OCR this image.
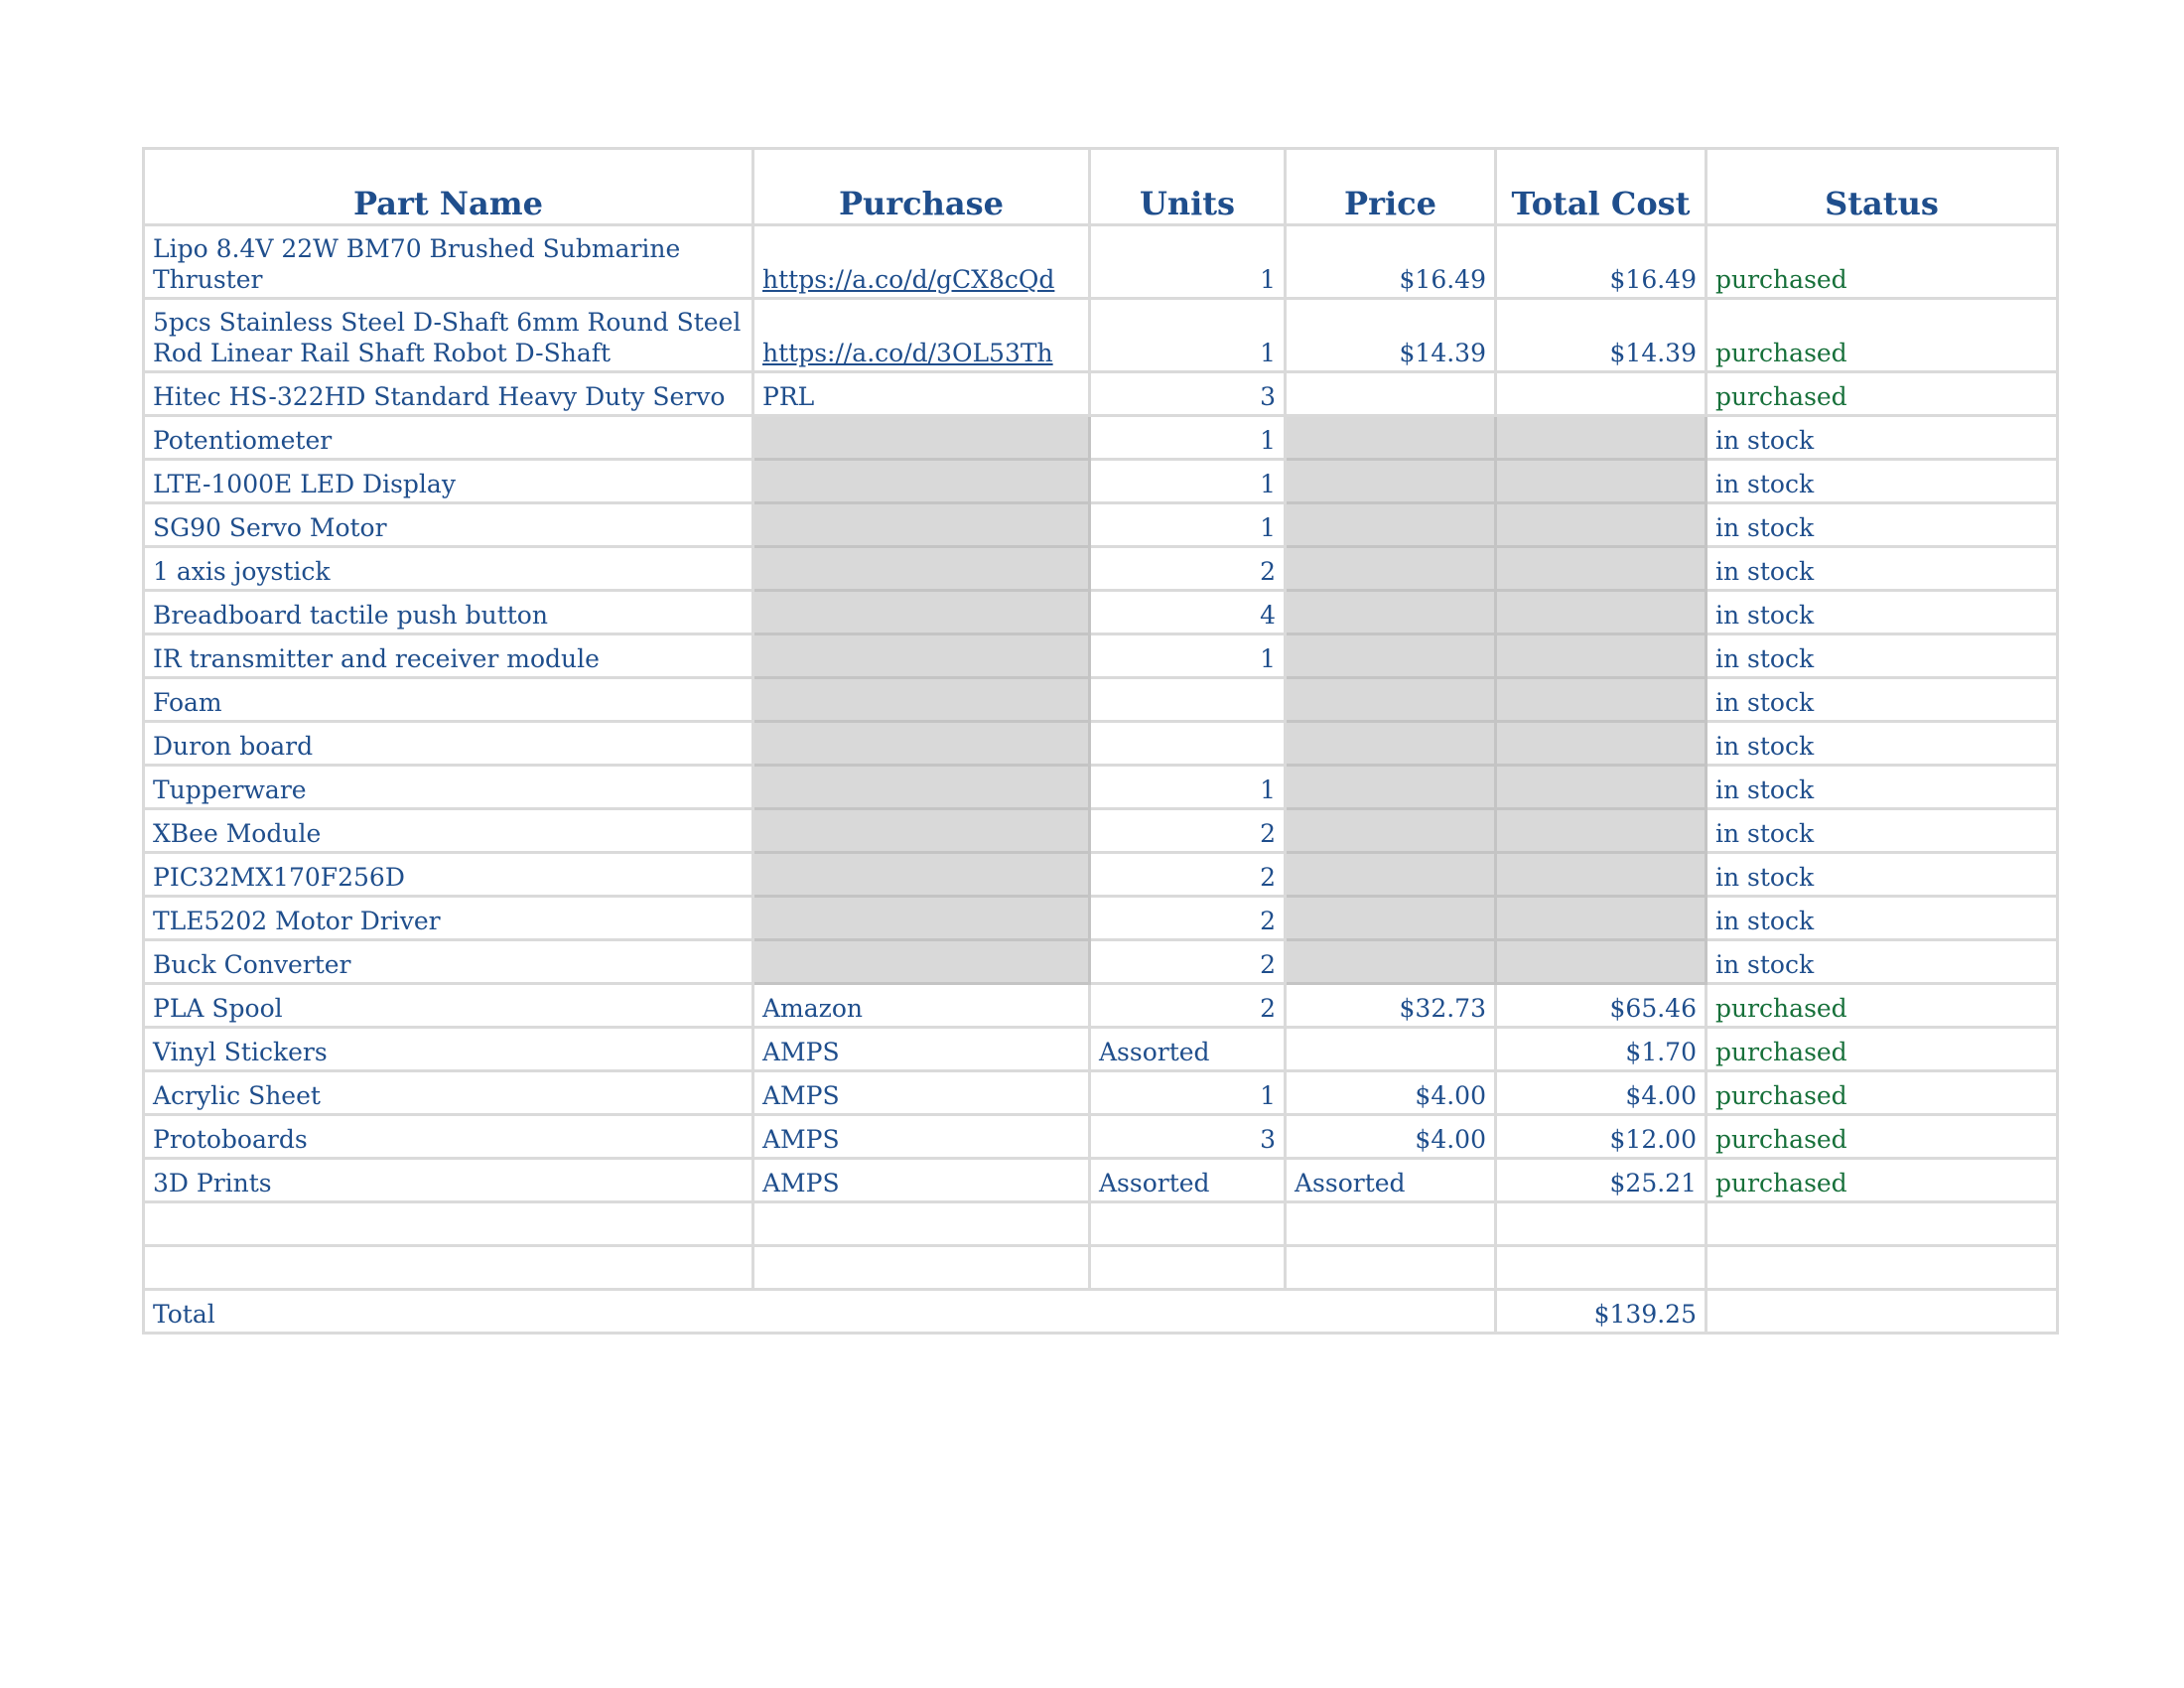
Part Name	Purchase	Units	Price	Total Cost	Status
Lipo 8.4V 22W BM70 Brushed Submarine Thruster	https://a.co/d/gCX8cQd	1	$16.49	$16.49	purchased
5pcs Stainless Steel D-Shaft 6mm Round Steel Rod Linear Rail Shaft Robot D-Shaft	https://a.co/d/3OL53Th	1	$14.39	$14.39	purchased
Hitec HS-322HD Standard Heavy Duty Servo	PRL	3			purchased
Potentiometer		1			in stock
LTE-1000E LED Display		1			in stock
SG90 Servo Motor		1			in stock
1 axis joystick		2			in stock
Breadboard tactile push button		4			in stock
IR transmitter and receiver module		1			in stock
Foam					in stock
Duron board					in stock
Tupperware		1			in stock
XBee Module		2			in stock
PIC32MX170F256D		2			in stock
TLE5202 Motor Driver		2			in stock
Buck Converter		2			in stock
PLA Spool	Amazon	2	$32.73	$65.46	purchased
Vinyl Stickers	AMPS	Assorted		$1.70	purchased
Acrylic Sheet	AMPS	1	$4.00	$4.00	purchased
Protoboards	AMPS	3	$4.00	$12.00	purchased
3D Prints	AMPS	Assorted	Assorted	$25.21	purchased

Total				$139.25	
